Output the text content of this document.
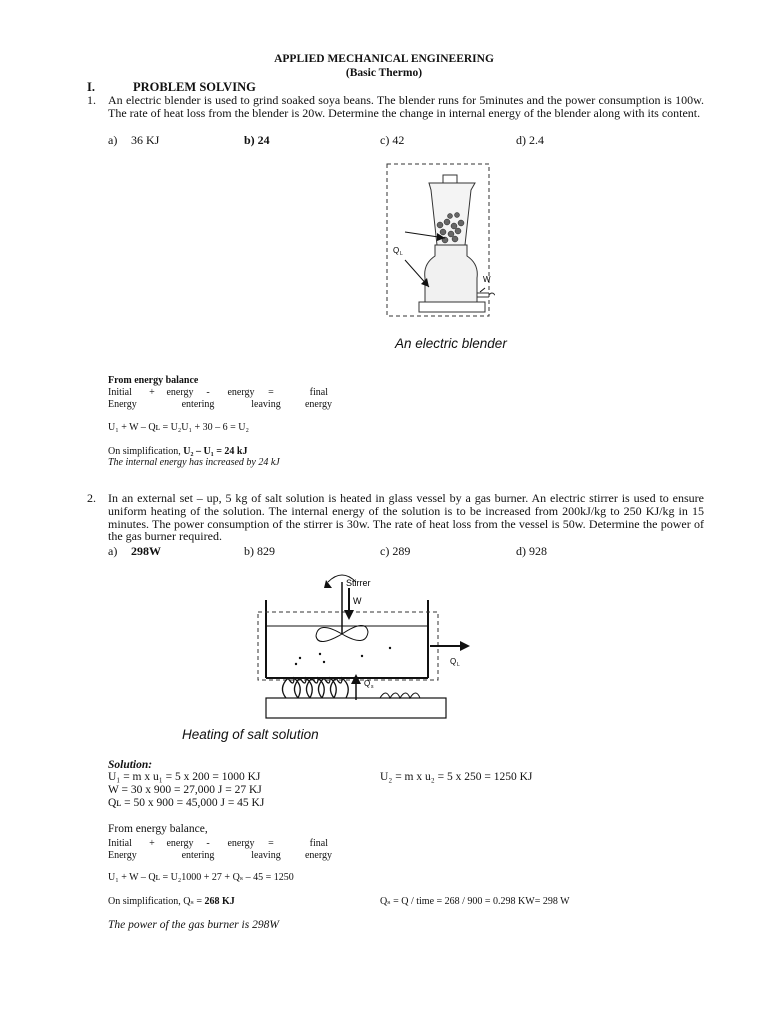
APPLIED MECHANICAL ENGINEERING
(Basic Thermo)
I.	PROBLEM SOLVING
1. An electric blender is used to grind soaked soya beans. The blender runs for 5minutes and the power consumption is 100w. The rate of heat loss from the blender is 20w. Determine the change in internal energy of the blender along with its content.
a) 36 KJ	b) 24	c) 42	d) 2.4
Q L
W
An electric blender
From energy balance
Initial	+	energy	-	energy	=	final
Energy	entering	leaving	energy
U₁ + W – Qʟ = U₂U₁ + 30 – 6 = U₂
On simplification, U₂ – U₁ = 24 kJ
The internal energy has increased by 24 kJ
2. In an external set – up, 5 kg of salt solution is heated in glass vessel by a gas burner. An electric stirrer is used to ensure uniform heating of the solution. The internal energy of the solution is to be increased from 200kJ/kg to 250 KJ/kg in 15 minutes. The power consumption of the stirrer is 30w. The rate of heat loss from the vessel is 50w. Determine the power of the gas burner required.
a) 298W	b) 829	c) 289	d) 928
Stirrer
W
Q L
Q s
Heating of salt solution
Solution:
U₁ = m x u₁ = 5 x 200 = 1000 KJ	U₂ = m x u₂ = 5 x 250 = 1250 KJ
W = 30 x 900 = 27,000 J = 27 KJ
Qʟ = 50 x 900 = 45,000 J = 45 KJ
From energy balance,
Initial	+	energy	-	energy	=	final
Energy	entering	leaving	energy
U₁ + W – Qʟ = U₂1000 + 27 + Qₛ – 45 = 1250
On simplification, Qₛ = 268 KJ	Qₛ = Q / time = 268 / 900 = 0.298 KW= 298 W
The power of the gas burner is 298W
